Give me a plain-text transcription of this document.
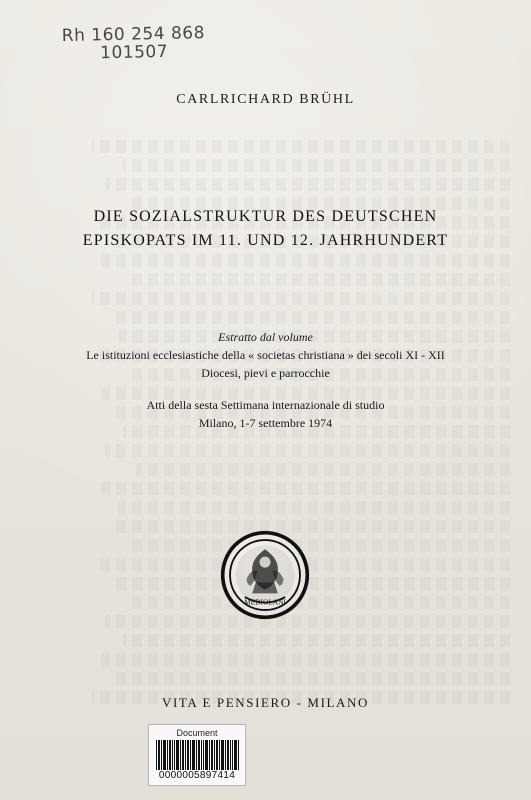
Rh 160 254 868
101507
CARLRICHARD BRÜHL
DIE SOZIALSTRUKTUR DES DEUTSCHEN
EPISKOPATS IM 11. UND 12. JAHRHUNDERT
Estratto dal volume
Le istituzioni ecclesiastiche della « societas christiana » dei secoli XI - XII
Diocesi, pievi e parrocchie
Atti della sesta Settimana internazionale di studio
Milano, 1-7 settembre 1974
MEDIOLANI
VITA E PENSIERO - MILANO
Document
0000005897414
